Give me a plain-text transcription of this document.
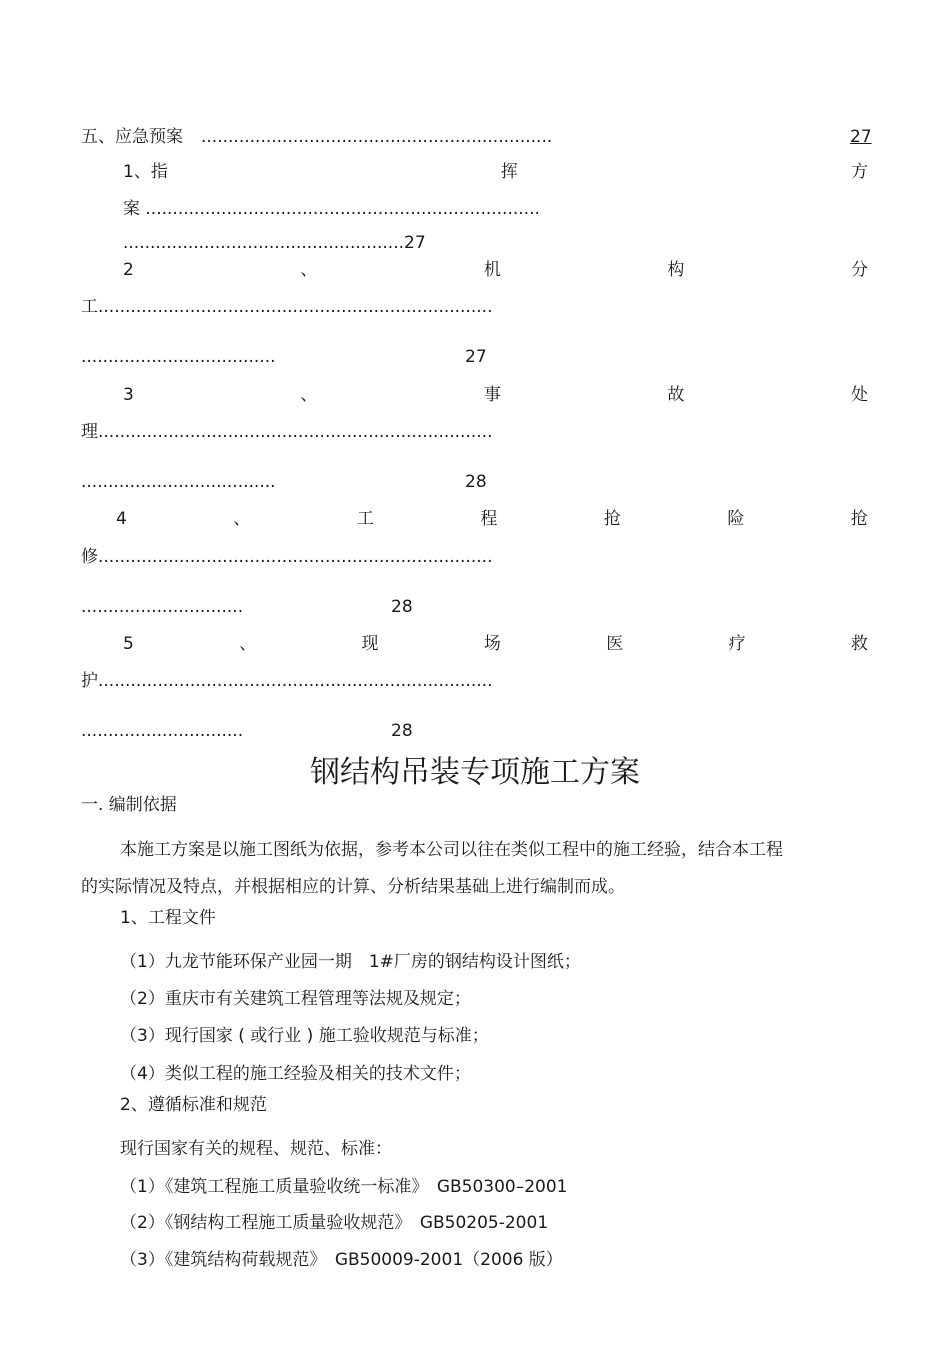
五、应急预案 .................................................................	27
1、指	挥	方
案 .........................................................................
....................................................27
2	、	机	构	分
工.........................................................................
....................................	27
3	、	事	故	处
理.........................................................................
....................................	28
4	、	工	程	抢	险	抢
修.........................................................................
..............................	28
5	、	现	场	医	疗	救
护.........................................................................
..............................	28
钢结构吊装专项施工方案
一. 编制依据
本施工方案是以施工图纸为依据，参考本公司以往在类似工程中的施工经验，结合本工程
的实际情况及特点，并根据相应的计算、分析结果基础上进行编制而成。
1、工程文件
（1）九龙节能环保产业园一期　1#厂房的钢结构设计图纸；
（2）重庆市有关建筑工程管理等法规及规定；
（3）现行国家 ( 或行业 ) 施工验收规范与标准；
（4）类似工程的施工经验及相关的技术文件；
2、遵循标准和规范
现行国家有关的规程、规范、标准：
（1）《建筑工程施工质量验收统一标准》　GB50300–2001
（2）《钢结构工程施工质量验收规范》　GB50205-2001
（3）《建筑结构荷载规范》　GB50009-2001（2006 版）
